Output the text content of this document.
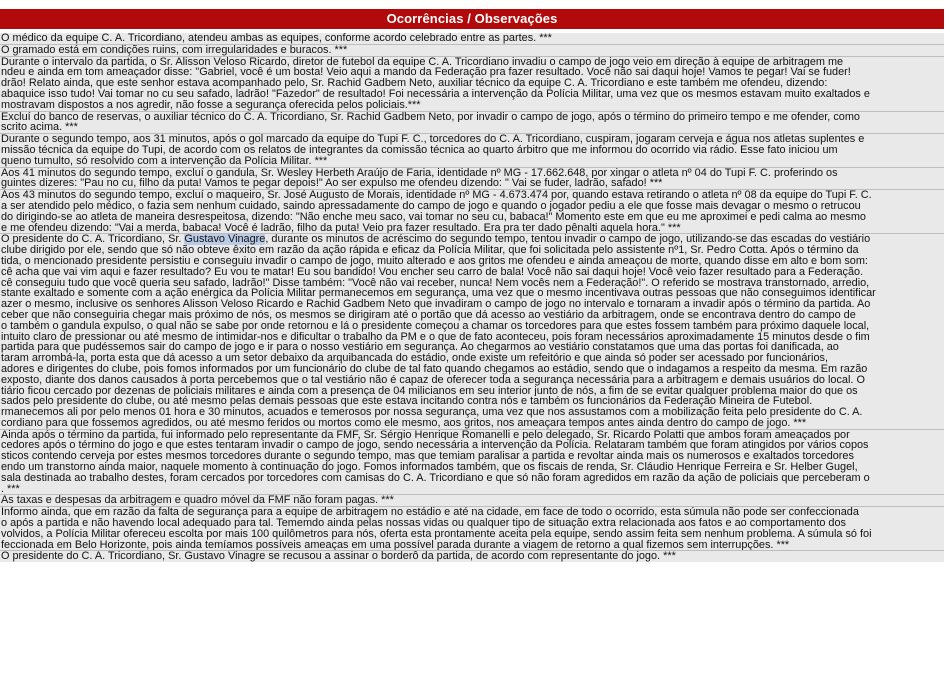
Ocorrências / Observações
O médico da equipe C. A. Tricordiano, atendeu ambas as equipes, conforme acordo celebrado entre as partes. ***
O gramado está em condições ruins, com irregularidades e buracos. ***
Durante o intervalo da partida, o Sr. Alisson Veloso Ricardo, diretor de futebol da equipe C. A. Tricordiano invadiu o campo de jogo veio em direção à equipe de arbitragem me
ndeu e ainda em tom ameaçador disse: "Gabriel, você é um bosta! Veio aqui a mando da Federação pra fazer resultado. Você não sai daqui hoje! Vamos te pegar! Vai se fuder!
drão! Relato ainda, que este senhor estava acompanhado pelo, Sr. Rachid Gadbem Neto, auxiliar técnico da equipe C. A. Tricordiano e este também me ofendeu, dizendo:
abaquice isso tudo! Vai tomar no cu seu safado, ladrão! "Fazedor" de resultado! Foi necessária a intervenção da Polícia Militar, uma vez que os mesmos estavam muito exaltados e
mostravam dispostos a nos agredir, não fosse a segurança oferecida pelos policiais.***
Excluí do banco de reservas, o auxiliar técnico do C. A. Tricordiano, Sr. Rachid Gadbem Neto, por invadir o campo de jogo, após o término do primeiro tempo e me ofender, como
scrito acima. ***
Durante o segundo tempo, aos 31 minutos, após o gol marcado da equipe do Tupi F. C., torcedores do C. A. Tricordiano, cuspiram, jogaram cerveja e água nos atletas suplentes e
missão técnica da equipe do Tupi, de acordo com os relatos de integrantes da comissão técnica ao quarto árbitro que me informou do ocorrido via rádio. Esse fato iniciou um
queno tumulto, só resolvido com a intervenção da Polícia Militar. ***
Aos 41 minutos do segundo tempo, excluí o gandula, Sr. Wesley Herbeth Araújo de Faria, identidade nº MG - 17.662.648, por xingar o atleta nº 04 do Tupi F. C. proferindo os
guintes dizeres: "Pau no cu, filho da puta! Vamos te pegar depois!" Ao ser expulso me ofendeu dizendo: " Vai se fuder, ladrão, safado! ***
Aos 43 minutos do segundo tempo, excluí o maqueiro, Sr. José Augusto de Morais, identidade nº MG - 4.673.474 por, quando estava retirando o atleta nº 08 da equipe do Tupi F. C.
a ser atendido pelo médico, o fazia sem nenhum cuidado, saindo apressadamente do campo de jogo e quando o jogador pediu a ele que fosse mais devagar o mesmo o retrucou
do dirigindo-se ao atleta de maneira desrespeitosa, dizendo: "Não enche meu saco, vai tomar no seu cu, babaca!" Momento este em que eu me aproximei e pedi calma ao mesmo
e me ofendeu dizendo: "Vai a merda, babaca! Você é ladrão, filho da puta! Veio pra fazer resultado. Era pra ter dado pênalti aquela hora." ***
O presidente do C. A. Tricordiano, Sr. Gustavo Vinagre, durante os minutos de acréscimo do segundo tempo, tentou invadir o campo de jogo, utilizando-se das escadas do vestiário
clube dirigido por ele, sendo que só não obteve êxito em razão da ação rápida e eficaz da Polícia Militar, que foi solicitada pelo assistente nº1, Sr. Pedro Cotta. Após o término da
tida, o mencionado presidente persistiu e conseguiu invadir o campo de jogo, muito alterado e aos gritos me ofendeu e ainda ameaçou de morte, quando disse em alto e bom som:
cê acha que vai vim aqui e fazer resultado? Eu vou te matar! Eu sou bandido! Vou encher seu carro de bala! Você não sai daqui hoje! Você veio fazer resultado para a Federação.
cê conseguiu tudo que você queria seu safado, ladrão!" Disse também: "Você não vai receber, nunca! Nem vocês nem a Federação!". O referido se mostrava transtornado, arredio,
stante exaltado e somente com a ação enérgica da Polícia Militar permanecemos em segurança, uma vez que o mesmo incentivava outras pessoas que não conseguimos identificar
azer o mesmo, inclusive os senhores Alisson Veloso Ricardo e Rachid Gadbem Neto que invadiram o campo de jogo no intervalo e tornaram a invadir após o término da partida. Ao
ceber que não conseguiria chegar mais próximo de nós, os mesmos se dirigiram até o portão que dá acesso ao vestiário da arbitragem, onde se encontrava dentro do campo de
o também o gandula expulso, o qual não se sabe por onde retornou e lá o presidente começou a chamar os torcedores para que estes fossem também para próximo daquele local,
intuito claro de pressionar ou até mesmo de intimidar-nos e dificultar o trabalho da PM e o que de fato aconteceu, pois foram necessários aproximadamente 15 minutos desde o fim
partida para que pudéssemos sair do campo de jogo e ir para o nosso vestiário em segurança. Ao chegarmos ao vestiário constatamos que uma das portas foi danificada, ao
taram arrombá-la, porta esta que dá acesso a um setor debaixo da arquibancada do estádio, onde existe um refeitório e que ainda só poder ser acessado por funcionários,
adores e dirigentes do clube, pois fomos informados por um funcionário do clube de tal fato quando chegamos ao estádio, sendo que o indagamos a respeito da mesma. Em razão
exposto, diante dos danos causados à porta percebemos que o tal vestiário não é capaz de oferecer toda a segurança necessária para a arbitragem e demais usuários do local. O
tiário ficou cercado por dezenas de policiais militares e ainda com a presença de 04 milicianos em seu interior junto de nós, a fim de se evitar qualquer problema maior do que os
sados pelo presidente do clube, ou até mesmo pelas demais pessoas que este estava incitando contra nós e também os funcionários da Federação Mineira de Futebol.
rmanecemos ali por pelo menos 01 hora e 30 minutos, acuados e temerosos por nossa segurança, uma vez que nos assustamos com a mobilização feita pelo presidente do C. A.
cordiano para que fossemos agredidos, ou até mesmo feridos ou mortos como ele mesmo, aos gritos, nos ameaçara tempos antes ainda dentro do campo de jogo. ***
Ainda após o término da partida, fui informado pelo representante da FMF, Sr. Sérgio Henrique Romanelli e pelo delegado, Sr. Ricardo Polatti que ambos foram ameaçados por
cedores após o término do jogo e que estes tentaram invadir o campo de jogo, sendo necessária a intervenção da Polícia. Relataram também que foram atingidos por vários copos
sticos contendo cerveja por estes mesmos torcedores durante o segundo tempo, mas que temiam paralisar a partida e revoltar ainda mais os numerosos e exaltados torcedores
endo um transtorno ainda maior, naquele momento à continuação do jogo. Fomos informados também, que os fiscais de renda, Sr. Cláudio Henrique Ferreira e Sr. Helber Gugel,
sala destinada ao trabalho destes, foram cercados por torcedores com camisas do C. A. Tricordiano e que só não foram agredidos em razão da ação de policiais que perceberam o
. ***
As taxas e despesas da arbitragem e quadro móvel da FMF não foram pagas. ***
Informo ainda, que em razão da falta de segurança para a equipe de arbitragem no estádio e até na cidade, em face de todo o ocorrido, esta súmula não pode ser confeccionada
o após a partida e não havendo local adequado para tal. Tememdo ainda pelas nossas vidas ou qualquer tipo de situação extra relacionada aos fatos e ao comportamento dos
volvidos, a Polícia Militar ofereceu escolta por mais 100 quilômetros para nós, oferta esta prontamente aceita pela equipe, sendo assim feita sem nenhum problema. A súmula só foi
feccionada em Belo Horizonte, pois ainda temíamos possíveis ameaças em uma possível parada durante a viagem de retorno a qual fizemos sem interrupções. ***
O presidente do C. A. Tricordiano, Sr. Gustavo Vinagre se recusou a assinar o borderô da partida, de acordo com representante do jogo. ***
